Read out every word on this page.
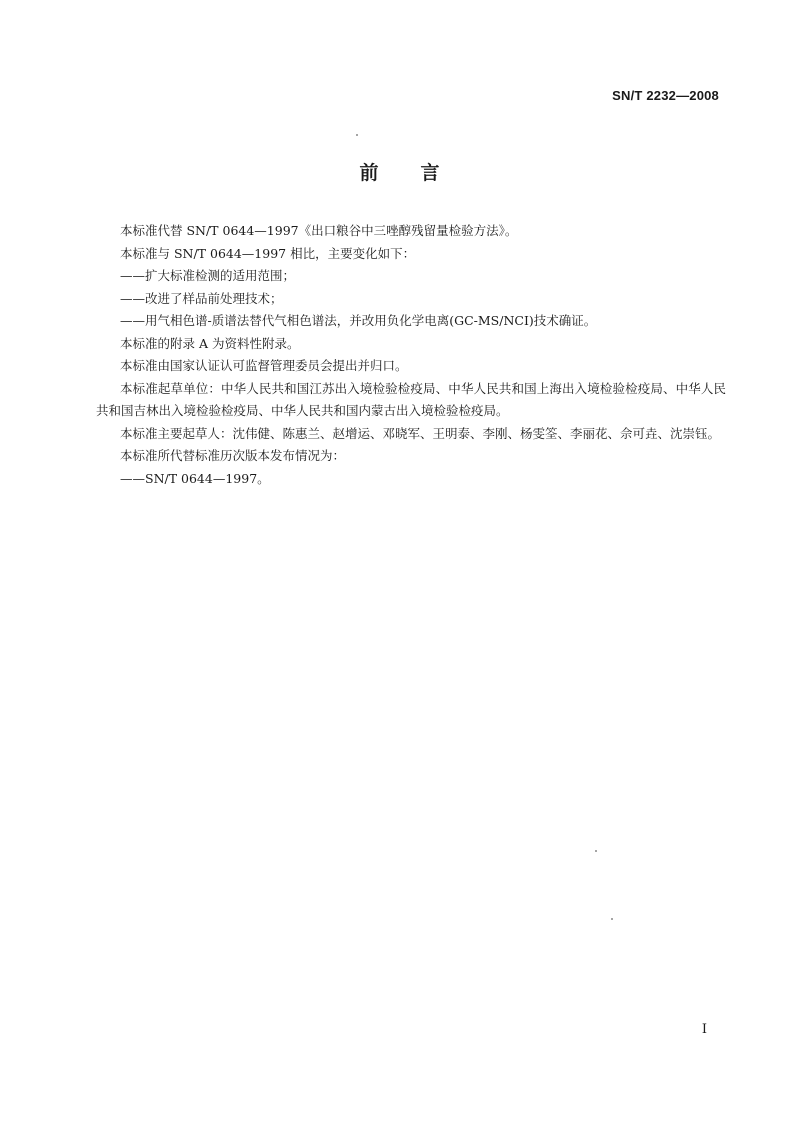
SN/T 2232—2008
前 言

本标准代替 SN/T 0644—1997《出口粮谷中三唑醇残留量检验方法》。

本标准与 SN/T 0644—1997 相比，主要变化如下：

——扩大标准检测的适用范围；

——改进了样品前处理技术；

——用气相色谱-质谱法替代气相色谱法，并改用负化学电离(GC-MS/NCI)技术确证。

本标准的附录 A 为资料性附录。

本标准由国家认证认可监督管理委员会提出并归口。

本标准起草单位：中华人民共和国江苏出入境检验检疫局、中华人民共和国上海出入境检验检疫局、中华人民共和国吉林出入境检验检疫局、中华人民共和国内蒙古出入境检验检疫局。

本标准主要起草人：沈伟健、陈惠兰、赵增运、邓晓军、王明泰、李刚、杨雯筌、李丽花、佘可垚、沈崇钰。

本标准所代替标准历次版本发布情况为：

——SN/T 0644—1997。

I
